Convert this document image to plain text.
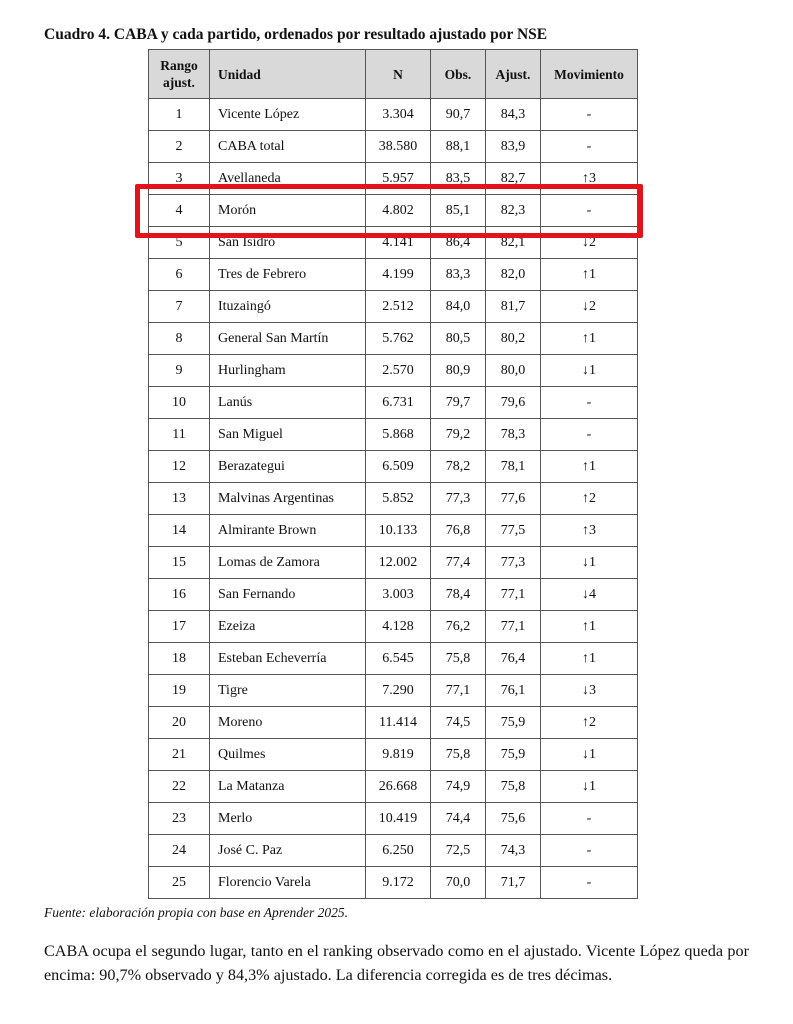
Cuadro 4. CABA y cada partido, ordenados por resultado ajustado por NSE
Rango
ajust.	Unidad	N	Obs.	Ajust.	Movimiento
1	Vicente López	3.304	90,7	84,3	-
2	CABA total	38.580	88,1	83,9	-
3	Avellaneda	5.957	83,5	82,7	↑3
4	Morón	4.802	85,1	82,3	-
5	San Isidro	4.141	86,4	82,1	↓2
6	Tres de Febrero	4.199	83,3	82,0	↑1
7	Ituzaingó	2.512	84,0	81,7	↓2
8	General San Martín	5.762	80,5	80,2	↑1
9	Hurlingham	2.570	80,9	80,0	↓1
10	Lanús	6.731	79,7	79,6	-
11	San Miguel	5.868	79,2	78,3	-
12	Berazategui	6.509	78,2	78,1	↑1
13	Malvinas Argentinas	5.852	77,3	77,6	↑2
14	Almirante Brown	10.133	76,8	77,5	↑3
15	Lomas de Zamora	12.002	77,4	77,3	↓1
16	San Fernando	3.003	78,4	77,1	↓4
17	Ezeiza	4.128	76,2	77,1	↑1
18	Esteban Echeverría	6.545	75,8	76,4	↑1
19	Tigre	7.290	77,1	76,1	↓3
20	Moreno	11.414	74,5	75,9	↑2
21	Quilmes	9.819	75,8	75,9	↓1
22	La Matanza	26.668	74,9	75,8	↓1
23	Merlo	10.419	74,4	75,6	-
24	José C. Paz	6.250	72,5	74,3	-
25	Florencio Varela	9.172	70,0	71,7	-
Fuente: elaboración propia con base en Aprender 2025.
CABA ocupa el segundo lugar, tanto en el ranking observado como en el ajustado. Vicente López queda por encima: 90,7% observado y 84,3% ajustado. La diferencia corregida es de tres décimas.
